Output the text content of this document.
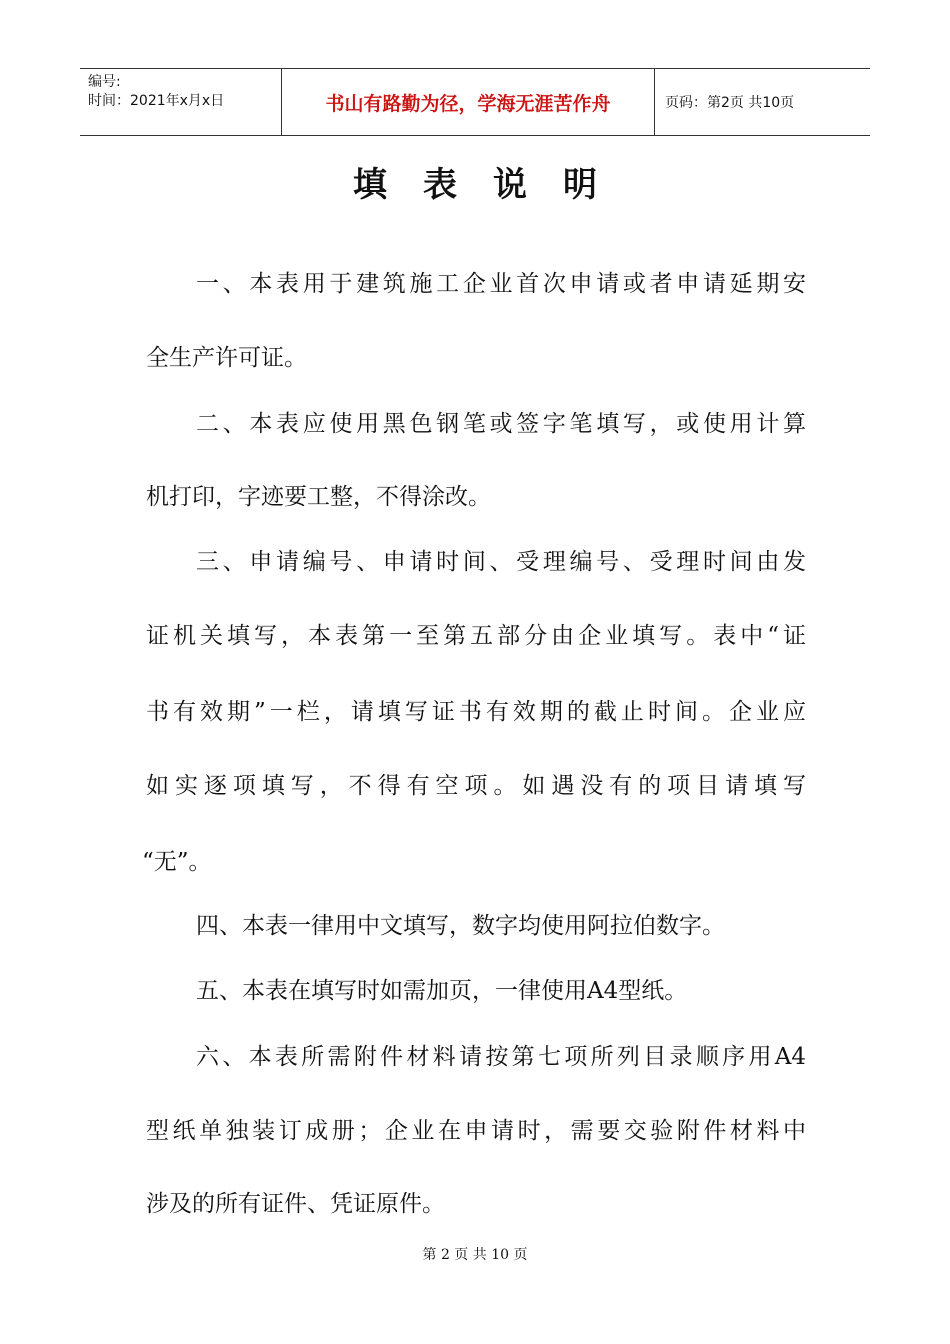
编号:
时间：2021年x月x日	书山有路勤为径，学海无涯苦作舟	页码：第2页 共10页
填表说明
一、本表用于建筑施工企业首次申请或者申请延期安
全生产许可证。
二、本表应使用黑色钢笔或签字笔填写，或使用计算
机打印，字迹要工整，不得涂改。
三、申请编号、申请时间、受理编号、受理时间由发
证机关填写，本表第一至第五部分由企业填写。表中“证
书有效期”一栏，请填写证书有效期的截止时间。企业应
如实逐项填写，不得有空项。如遇没有的项目请填写
“无”。
四、本表一律用中文填写，数字均使用阿拉伯数字。
五、本表在填写时如需加页，一律使用A4型纸。
六、本表所需附件材料请按第七项所列目录顺序用A4
型纸单独装订成册；企业在申请时，需要交验附件材料中
涉及的所有证件、凭证原件。
第 2 页 共 10 页
